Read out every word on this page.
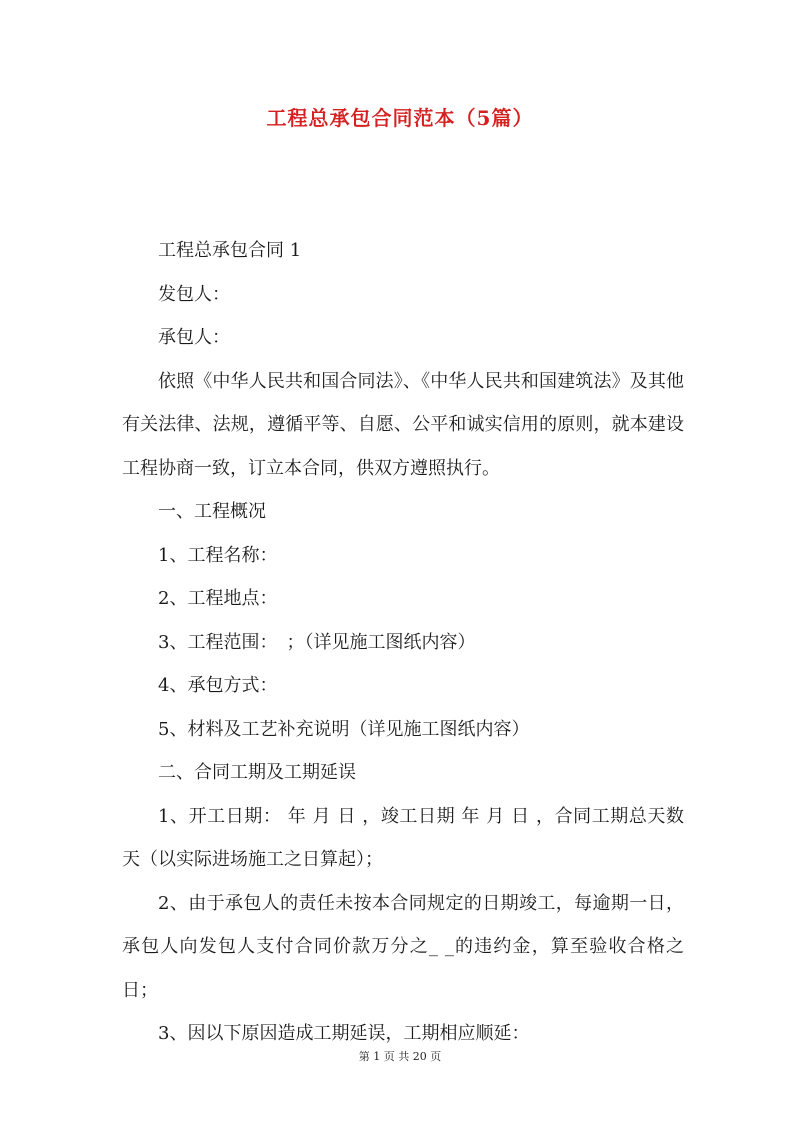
工程总承包合同范本（5篇）

工程总承包合同 1

发包人：

承包人：

依照《中华人民共和国合同法》、《中华人民共和国建筑法》及其他有关法律、法规，遵循平等、自愿、公平和诚实信用的原则，就本建设工程协商一致，订立本合同，供双方遵照执行。

一、工程概况

1、工程名称：

2、工程地点：

3、工程范围：　；（详见施工图纸内容）

4、承包方式：

5、材料及工艺补充说明（详见施工图纸内容）

二、合同工期及工期延误

1、开工日期： 年 月 日 ，竣工日期 年 月 日 ，合同工期总天数 天（以实际进场施工之日算起）；

2、由于承包人的责任未按本合同规定的日期竣工，每逾期一日，承包人向发包人支付合同价款万分之_ _的违约金，算至验收合格之日；

3、因以下原因造成工期延误，工期相应顺延：

第 1 页 共 20 页
